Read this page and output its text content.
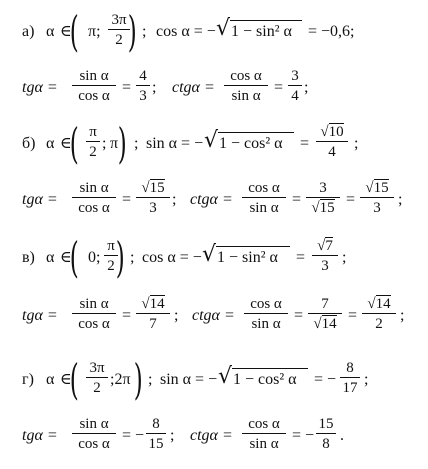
а) α ∈
( π;
3π
2 ) ; cos α = − √ 1 − sin² α = −0,6;
tgα =
sin α
cos α =
4
3 ; ctgα =
cos α
sin α =
3
4 ;
б) α ∈
( π
2 ; π ) ; sin α = − √ 1 − cos² α =
√10
4	;
tgα =
sin α
cos α =
√15
3 ; ctgα =
cos α
sin α =
3
√15 =
√15
3	;
в) α ∈
( 0;
π
2 ) ; cos α = − √ 1 − sin² α =
√7
3 ;
tgα =
sin α
cos α =
√14
7	; ctgα =
cos α
sin α =
7
√14 =
√14
2	;
г) α ∈
( 3π
2 ;2π ) ; sin α = − √ 1 − cos² α = −
8
17 ;
tgα =
sin α
cos α = −
8
15 ; ctgα =
cos α
sin α = −
15
8 .
